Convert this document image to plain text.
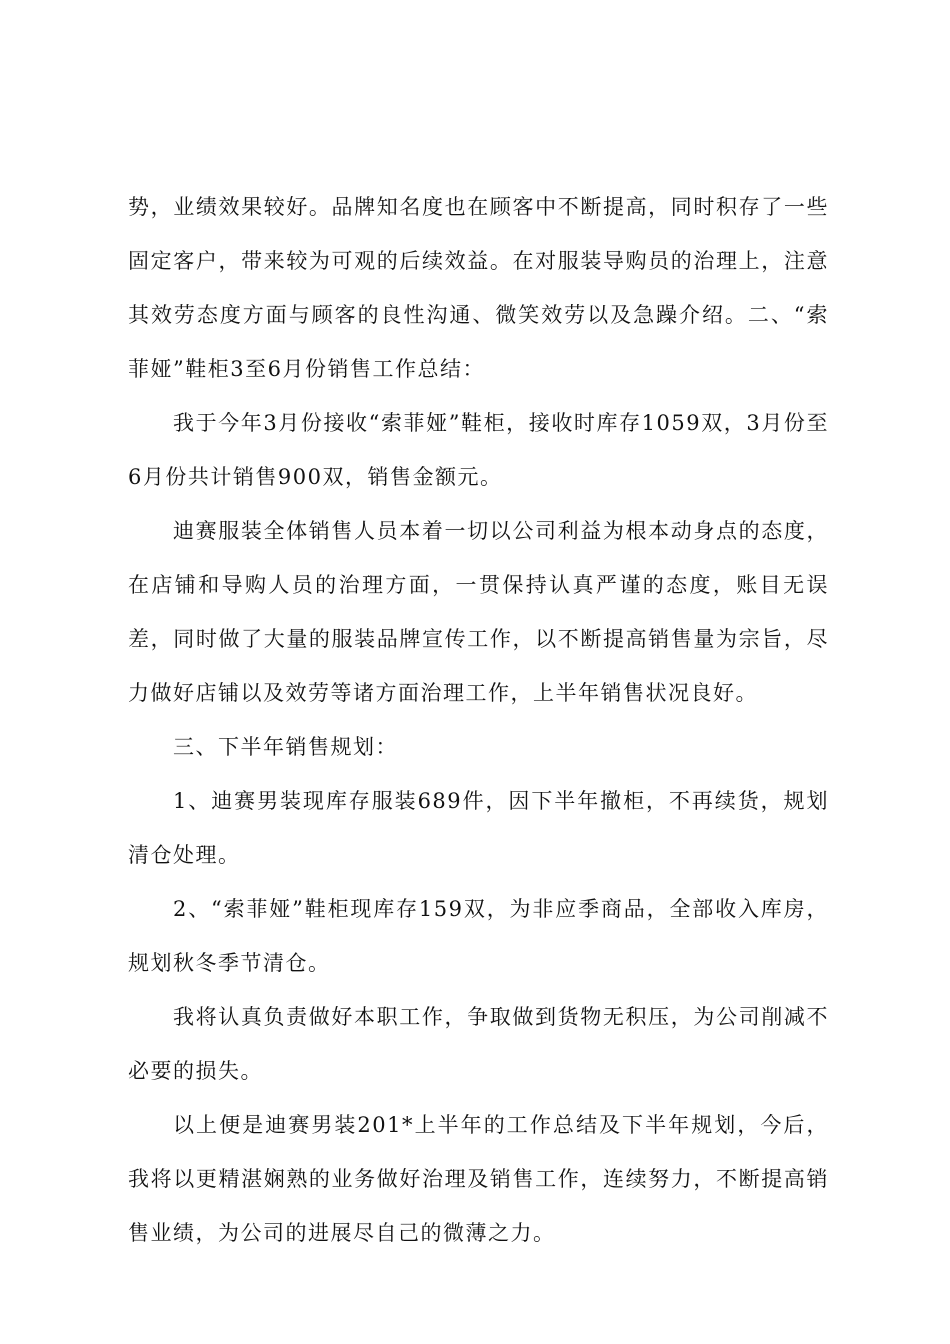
势，业绩效果较好。品牌知名度也在顾客中不断提高，同时积存了一些固定客户，带来较为可观的后续效益。在对服装导购员的治理上，注意其效劳态度方面与顾客的良性沟通、微笑效劳以及急躁介绍。二、“索菲娅”鞋柜3至6月份销售工作总结：

我于今年3月份接收“索菲娅”鞋柜，接收时库存1059双，3月份至6月份共计销售900双，销售金额元。

迪赛服装全体销售人员本着一切以公司利益为根本动身点的态度，在店铺和导购人员的治理方面，一贯保持认真严谨的态度，账目无误差，同时做了大量的服装品牌宣传工作，以不断提高销售量为宗旨，尽力做好店铺以及效劳等诸方面治理工作，上半年销售状况良好。

三、下半年销售规划：

1、迪赛男装现库存服装689件，因下半年撤柜，不再续货，规划清仓处理。

2、“索菲娅”鞋柜现库存159双，为非应季商品，全部收入库房，规划秋冬季节清仓。

我将认真负责做好本职工作，争取做到货物无积压，为公司削减不必要的损失。

以上便是迪赛男装201*上半年的工作总结及下半年规划，今后，我将以更精湛娴熟的业务做好治理及销售工作，连续努力，不断提高销售业绩，为公司的进展尽自己的微薄之力。
